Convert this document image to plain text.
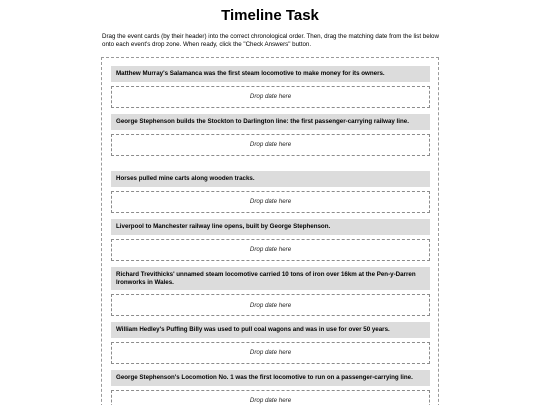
Timeline Task

Drag the event cards (by their header) into the correct chronological order. Then, drag the matching date from the list below onto each event's drop zone. When ready, click the "Check Answers" button.

Matthew Murray's Salamanca was the first steam locomotive to make money for its owners.
Drop date here
George Stephenson builds the Stockton to Darlington line: the first passenger-carrying railway line.
Drop date here
Horses pulled mine carts along wooden tracks.
Drop date here
Liverpool to Manchester railway line opens, built by George Stephenson.
Drop date here
Richard Trevithicks' unnamed steam locomotive carried 10 tons of iron over 16km at the Pen-y-Darren Ironworks in Wales.
Drop date here
William Hedley's Puffing Billy was used to pull coal wagons and was in use for over 50 years.
Drop date here
George Stephenson's Locomotion No. 1 was the first locomotive to run on a passenger-carrying line.
Drop date here
